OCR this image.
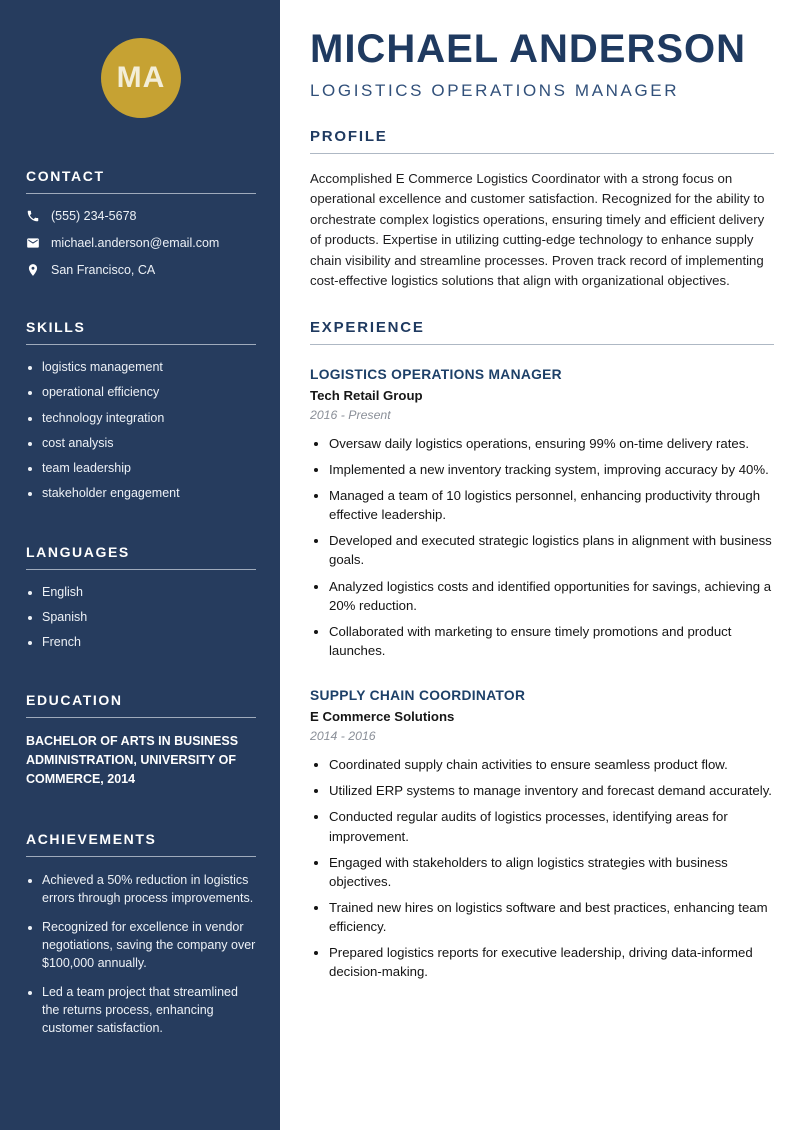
MA
CONTACT
(555) 234-5678
michael.anderson@email.com
San Francisco, CA
SKILLS
• logistics management
• operational efficiency
• technology integration
• cost analysis
• team leadership
• stakeholder engagement
LANGUAGES
• English
• Spanish
• French
EDUCATION

BACHELOR OF ARTS IN BUSINESS ADMINISTRATION, UNIVERSITY OF COMMERCE, 2014

ACHIEVEMENTS
• Achieved a 50% reduction in logistics errors through process improvements.
• Recognized for excellence in vendor negotiations, saving the company over $100,000 annually.
• Led a team project that streamlined the returns process, enhancing customer satisfaction.
MICHAEL ANDERSON
LOGISTICS OPERATIONS MANAGER
PROFILE

Accomplished E Commerce Logistics Coordinator with a strong focus on operational excellence and customer satisfaction. Recognized for the ability to orchestrate complex logistics operations, ensuring timely and efficient delivery of products. Expertise in utilizing cutting-edge technology to enhance supply chain visibility and streamline processes. Proven track record of implementing cost-effective logistics solutions that align with organizational objectives.

EXPERIENCE
LOGISTICS OPERATIONS MANAGER
Tech Retail Group
2016 - Present
• Oversaw daily logistics operations, ensuring 99% on-time delivery rates.
• Implemented a new inventory tracking system, improving accuracy by 40%.
• Managed a team of 10 logistics personnel, enhancing productivity through effective leadership.
• Developed and executed strategic logistics plans in alignment with business goals.
• Analyzed logistics costs and identified opportunities for savings, achieving a 20% reduction.
• Collaborated with marketing to ensure timely promotions and product launches.
SUPPLY CHAIN COORDINATOR
E Commerce Solutions
2014 - 2016
• Coordinated supply chain activities to ensure seamless product flow.
• Utilized ERP systems to manage inventory and forecast demand accurately.
• Conducted regular audits of logistics processes, identifying areas for improvement.
• Engaged with stakeholders to align logistics strategies with business objectives.
• Trained new hires on logistics software and best practices, enhancing team efficiency.
• Prepared logistics reports for executive leadership, driving data-informed decision-making.
